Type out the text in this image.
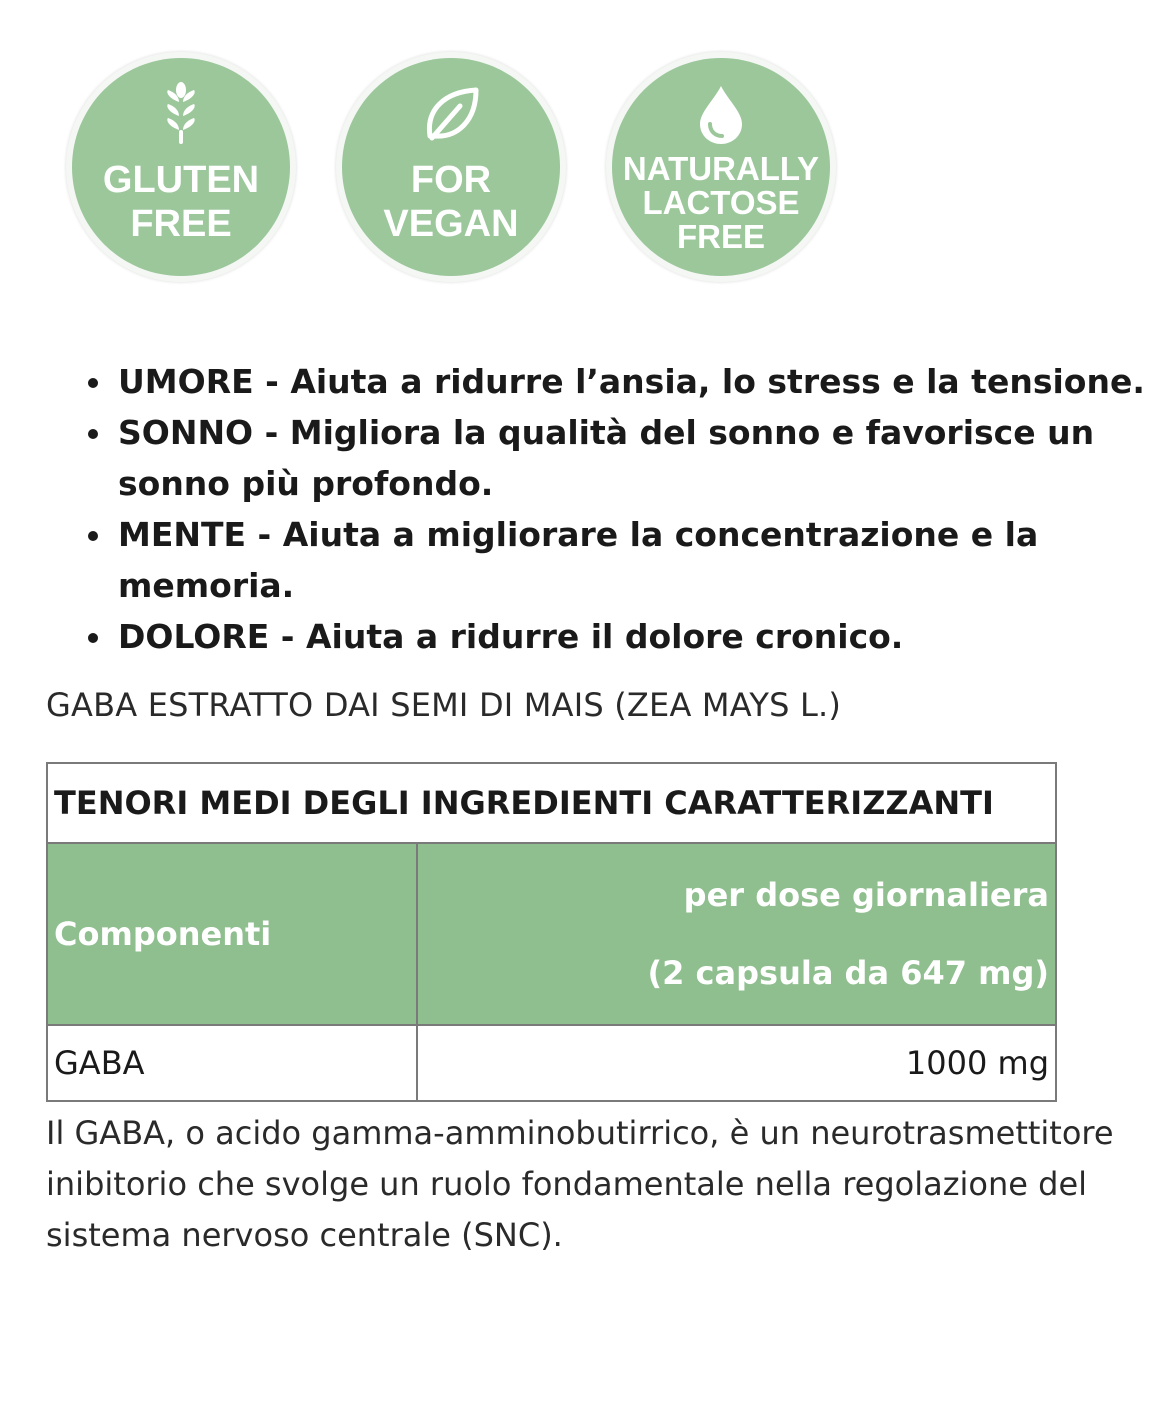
GLUTEN
FREE
FOR
VEGAN
NATURALLY
LACTOSE
FREE
UMORE - Aiuta a ridurre l’ansia, lo stress e la tensione.
SONNO - Migliora la qualità del sonno e favorisce un sonno più profondo.
MENTE - Aiuta a migliorare la concentrazione e la memoria.
DOLORE - Aiuta a ridurre il dolore cronico.
GABA ESTRATTO DAI SEMI DI MAIS (ZEA MAYS L.)
TENORI MEDI DEGLI INGREDIENTI CARATTERIZZANTI	
Componenti	per dose giornaliera
(2 capsula da 647 mg)

GABA	1000 mg

Il GABA, o acido gamma-amminobutirrico, è un neurotrasmettitore inibitorio che svolge un ruolo fondamentale nella regolazione del sistema nervoso centrale (SNC).
